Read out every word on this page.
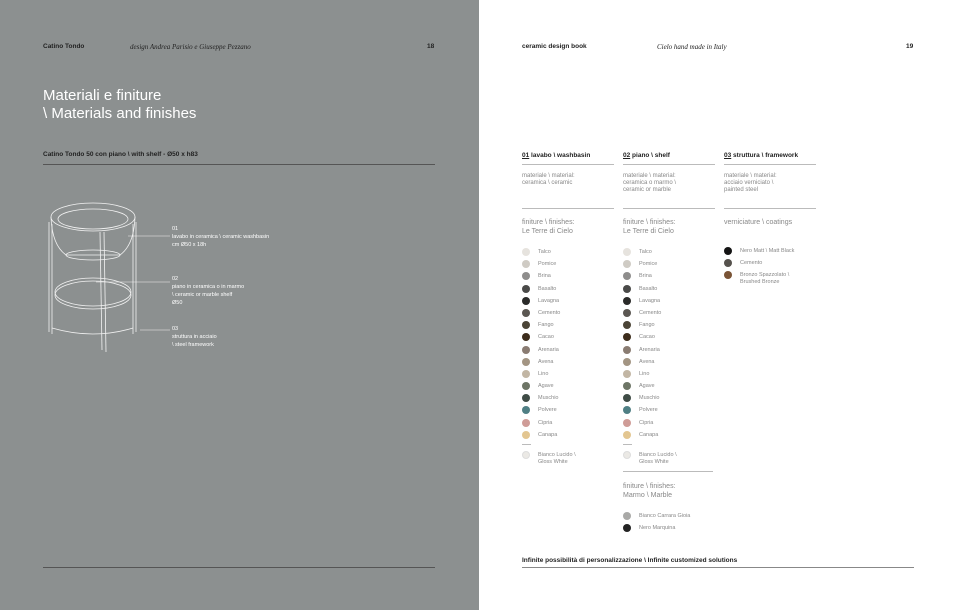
Catino Tondo	design Andrea Parisio e Giuseppe Pezzano	18
Materiali e finiture
\ Materials and finishes
Catino Tondo 50 con piano \ with shelf - Ø50 x h83
01
lavabo in ceramica \ ceramic washbasin
cm Ø50 x 18h
02
piano in ceramica o in marmo
\ ceramic or marble shelf
Ø50
03
struttura in acciaio
\ steel framework
ceramic design book	Cielo hand made in Italy	19
01 lavabo \ washbasin
materiale \ material:
ceramica \ ceramic
finiture \ finishes:
Le Terre di Cielo
Talco
Pomice
Brina
Basalto
Lavagna
Cemento
Fango
Cacao
Arenaria
Avena
Lino
Agave
Muschio
Polvere
Cipria
Canapa
Bianco Lucido \
Gloss White
02 piano \ shelf
materiale \ material:
ceramica o marmo \
ceramic or marble
finiture \ finishes:
Le Terre di Cielo
Talco
Pomice
Brina
Basalto
Lavagna
Cemento
Fango
Cacao
Arenaria
Avena
Lino
Agave
Muschio
Polvere
Cipria
Canapa
Bianco Lucido \
Gloss White
finiture \ finishes:
Marmo \ Marble
Bianco Carrara Gioia
Nero Marquina
03 struttura \ framework
materiale \ material:
acciaio verniciato \
painted steel
verniciature \ coatings
Nero Matt \ Matt Black
Cemento
Bronzo Spazzolato \
Brushed Bronze
Infinite possibilità di personalizzazione \ Infinite customized solutions
